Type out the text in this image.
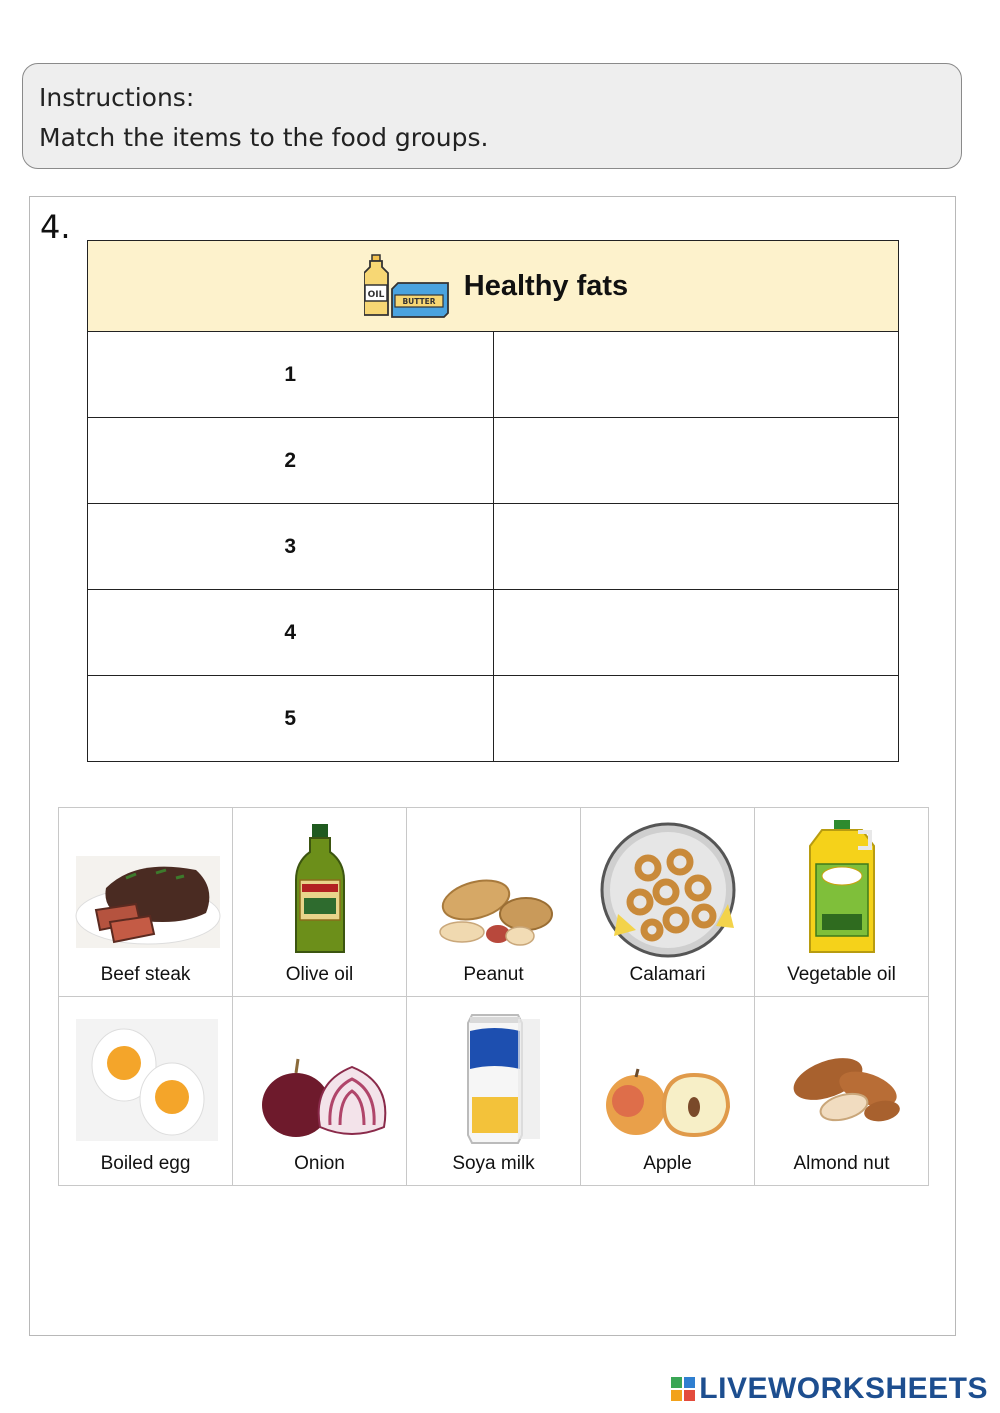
Instructions:
Match the items to the food groups.
4.
OIL
BUTTER Healthy fats	

1	
2	
3	
4	
5	
Beef steak	Olive oil	Peanut	Calamari	Vegetable oil

Boiled egg	Onion	Soya milk	Apple	Almond nut
LIVEWORKSHEETS
